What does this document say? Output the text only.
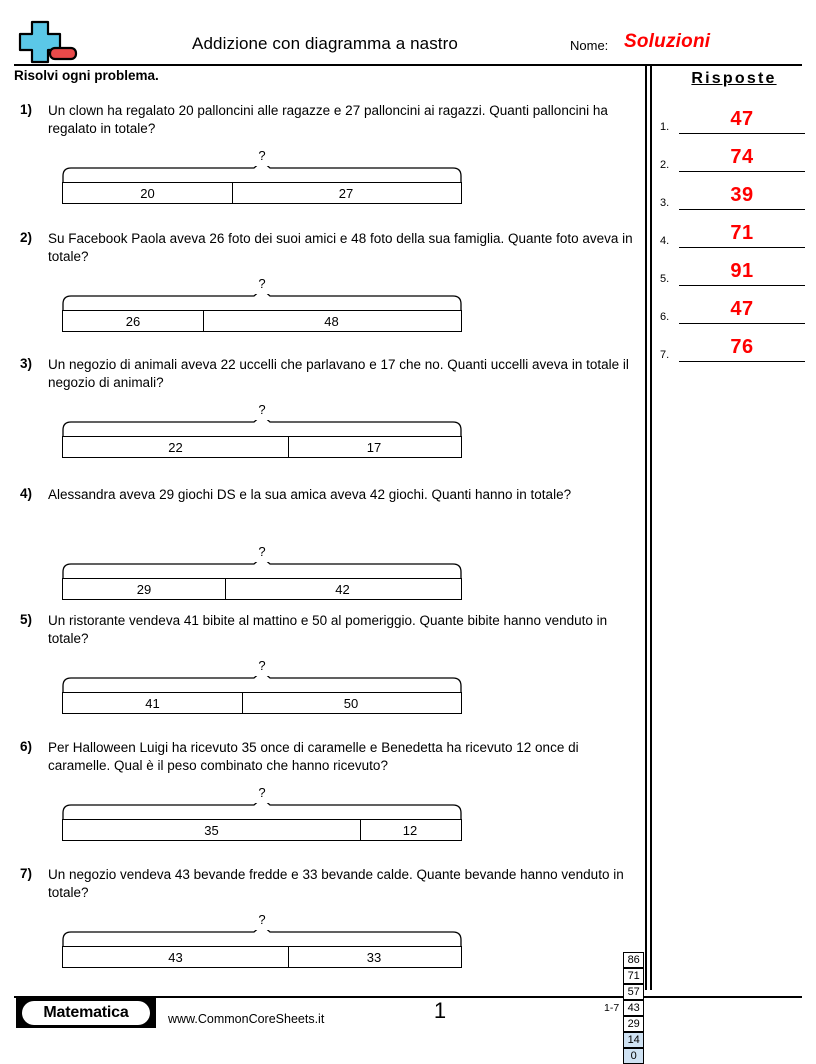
Addizione con diagramma a nastro	Nome: Soluzioni
Risolvi ogni problema.	Risposte
1.	47
2.	74
3.	39
4.	71
5.	91
6.	47
7.	76
1) Un clown ha regalato 20 palloncini alle ragazze e 27 palloncini ai ragazzi. Quanti palloncini ha regalato in totale?
?
20	27
2) Su Facebook Paola aveva 26 foto dei suoi amici e 48 foto della sua famiglia. Quante foto aveva in totale?
?
26	48
3) Un negozio di animali aveva 22 uccelli che parlavano e 17 che no. Quanti uccelli aveva in totale il negozio di animali?
?
22	17
4) Alessandra aveva 29 giochi DS e la sua amica aveva 42 giochi. Quanti hanno in totale?
?
29	42
5) Un ristorante vendeva 41 bibite al mattino e 50 al pomeriggio. Quante bibite hanno venduto in totale?
?
41	50
6) Per Halloween Luigi ha ricevuto 35 once di caramelle e Benedetta ha ricevuto 12 once di caramelle. Qual è il peso combinato che hanno ricevuto?
?
35	12
7) Un negozio vendeva 43 bevande fredde e 33 bevande calde. Quante bevande hanno venduto in totale?
?
43	33
Matematica	www.CommonCoreSheets.it	1	1-7
86
71
57
43
29
14
0
